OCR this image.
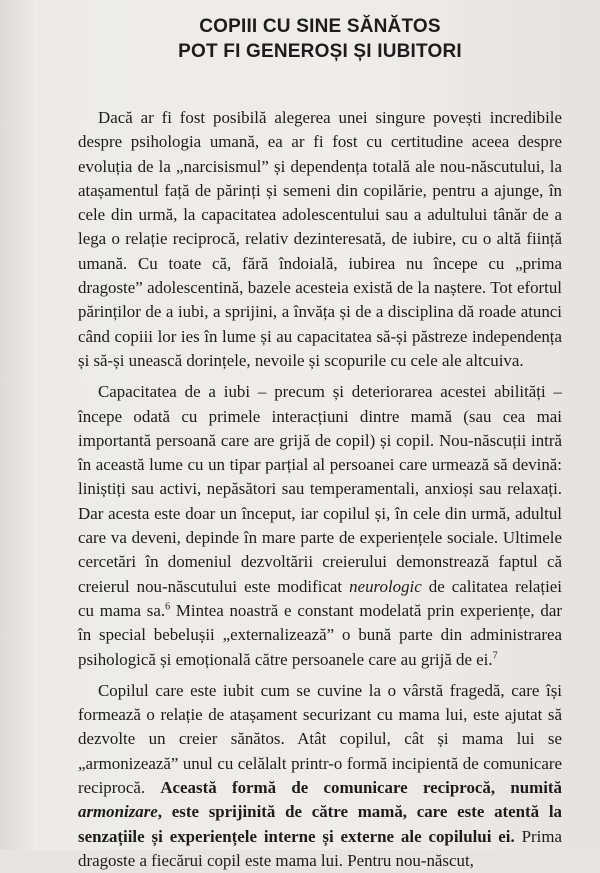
COPIII CU SINE SĂNĂTOS
POT FI GENEROȘI ȘI IUBITORI

Dacă ar fi fost posibilă alegerea unei singure povești incredibile despre psihologia umană, ea ar fi fost cu certitudine aceea despre evoluția de la „narcisismul” și dependența totală ale nou-născutului, la atașamentul față de părinți și semeni din copilărie, pentru a ajunge, în cele din urmă, la capacitatea adolescentului sau a adultului tânăr de a lega o relație reciprocă, relativ dezinteresată, de iubire, cu o altă ființă umană. Cu toate că, fără îndoială, iubirea nu începe cu „prima dragoste” adolescentină, bazele acesteia există de la naștere. Tot efortul părinților de a iubi, a sprijini, a învăța și de a disciplina dă roade atunci când copiii lor ies în lume și au capacitatea să-și păstreze independența și să-și unească dorințele, nevoile și scopurile cu cele ale altcuiva.

Capacitatea de a iubi – precum și deteriorarea acestei abilități – începe odată cu primele interacțiuni dintre mamă (sau cea mai importantă persoană care are grijă de copil) și copil. Nou-născuții intră în această lume cu un tipar parțial al persoanei care urmează să devină: liniștiți sau activi, nepăsători sau temperamentali, anxioși sau relaxați. Dar acesta este doar un început, iar copilul și, în cele din urmă, adultul care va deveni, depinde în mare parte de experiențele sociale. Ultimele cercetări în domeniul dezvoltării creierului demonstrează faptul că creierul nou-născutului este modificat neurologic de calitatea relației cu mama sa.$^6$ Mintea noastră e constant modelată prin experiențe, dar în special bebelușii „externalizează” o bună parte din administrarea psihologică și emoțională către persoanele care au grijă de ei.$^7$

Copilul care este iubit cum se cuvine la o vârstă fragedă, care își formează o relație de atașament securizant cu mama lui, este ajutat să dezvolte un creier sănătos. Atât copilul, cât și mama lui se „armonizează” unul cu celălalt printr-o formă incipientă de comunicare reciprocă. Această formă de comunicare reciprocă, numită armonizare, este sprijinită de către mamă, care este atentă la senzațiile și experiențele interne și externe ale copilului ei. Prima dragoste a fiecărui copil este mama lui. Pentru nou-născut,
